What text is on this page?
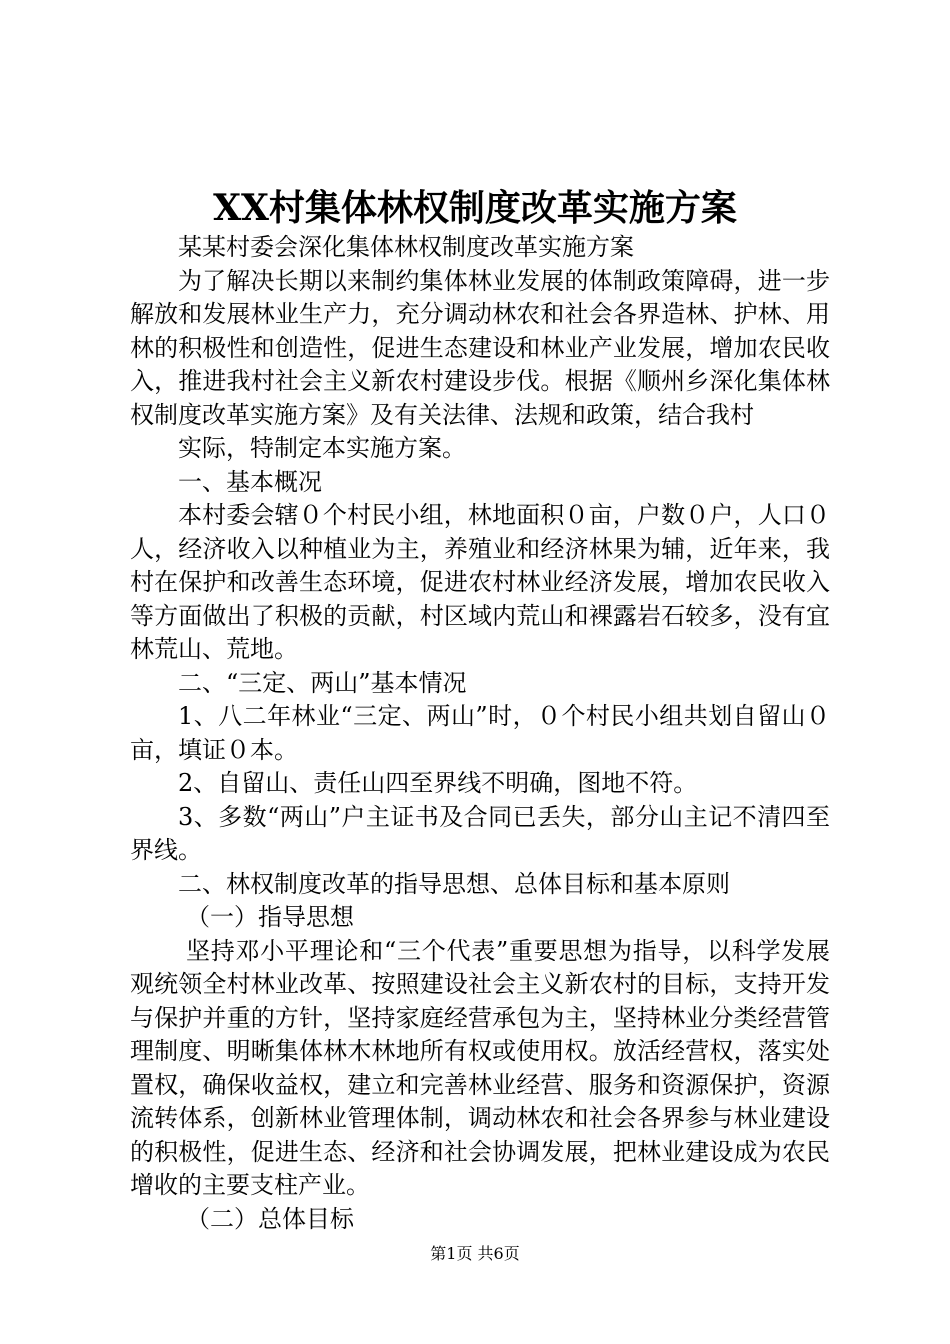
XX村集体林权制度改革实施方案

某某村委会深化集体林权制度改革实施方案

为了解决长期以来制约集体林业发展的体制政策障碍，进一步解放和发展林业生产力，充分调动林农和社会各界造林、护林、用林的积极性和创造性，促进生态建设和林业产业发展，增加农民收入，推进我村社会主义新农村建设步伐。根据《顺州乡深化集体林权制度改革实施方案》及有关法律、法规和政策，结合我村

实际，特制定本实施方案。

一、基本概况

本村委会辖０个村民小组，林地面积０亩，户数０户，人口０人，经济收入以种植业为主，养殖业和经济林果为辅，近年来，我村在保护和改善生态环境，促进农村林业经济发展，增加农民收入等方面做出了积极的贡献，村区域内荒山和裸露岩石较多，没有宜林荒山、荒地。

二、“三定、两山”基本情况

1、八二年林业“三定、两山”时，０个村民小组共划自留山０亩，填证０本。

2、自留山、责任山四至界线不明确，图地不符。

3、多数“两山”户主证书及合同已丢失，部分山主记不清四至界线。

二、林权制度改革的指导思想、总体目标和基本原则

（一）指导思想

坚持邓小平理论和“三个代表”重要思想为指导，以科学发展观统领全村林业改革、按照建设社会主义新农村的目标，支持开发与保护并重的方针，坚持家庭经营承包为主，坚持林业分类经营管理制度、明晰集体林木林地所有权或使用权。放活经营权，落实处置权，确保收益权，建立和完善林业经营、服务和资源保护，资源流转体系，创新林业管理体制，调动林农和社会各界参与林业建设的积极性，促进生态、经济和社会协调发展，把林业建设成为农民增收的主要支柱产业。

（二）总体目标

第1页 共6页
